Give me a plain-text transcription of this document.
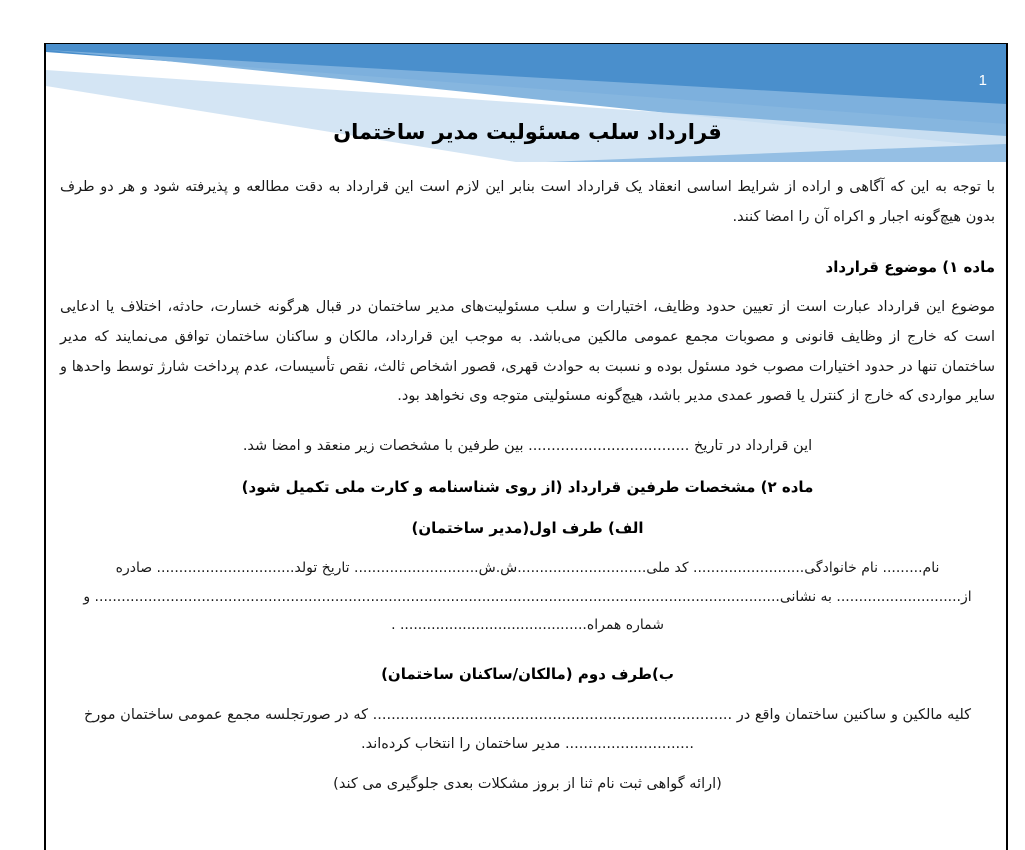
1
قرارداد سلب مسئولیت مدیر ساختمان

با توجه به این که آگاهی و اراده از شرایط اساسی انعقاد یک قرارداد است بنابر این لازم است این قرارداد به دقت مطالعه و پذیرفته شود و هر دو طرف بدون هیچ‌گونه اجبار و اکراه آن را امضا کنند.

ماده ۱) موضوع قرارداد

موضوع این قرارداد عبارت است از تعیین حدود وظایف، اختیارات و سلب مسئولیت‌های مدیر ساختمان در قبال هرگونه خسارت، حادثه، اختلاف یا ادعایی است که خارج از وظایف قانونی و مصوبات مجمع عمومی مالکین می‌باشد. به موجب این قرارداد، مالکان و ساکنان ساختمان توافق می‌نمایند که مدیر ساختمان تنها در حدود اختیارات مصوب خود مسئول بوده و نسبت به حوادث قهری، قصور اشخاص ثالث، نقص تأسیسات، عدم پرداخت شارژ توسط واحدها و سایر مواردی که خارج از کنترل یا قصور عمدی مدیر باشد، هیچ‌گونه مسئولیتی متوجه وی نخواهد بود.

این قرارداد در تاریخ ................................... بین طرفین با مشخصات زیر منعقد و امضا شد.

ماده ۲) مشخصات طرفین قرارداد (از روی شناسنامه و کارت ملی تکمیل شود)

الف) طرف اول(مدیر ساختمان)

نام......... نام خانوادگی......................... کد ملی.............................ش.ش............................ تاریخ تولد............................... صادره

از............................ به نشانی.......................................................................................................................................................... و

شماره همراه.......................................... .

ب)طرف دوم (مالکان/ساکنان ساختمان)

کلیه مالکین و ساکنین ساختمان واقع در .............................................................................. که در صورتجلسه مجمع عمومی ساختمان مورخ

............................ مدیر ساختمان را انتخاب کرده‌اند.

(ارائه گواهی ثبت نام ثنا از بروز مشکلات بعدی جلوگیری می کند)
